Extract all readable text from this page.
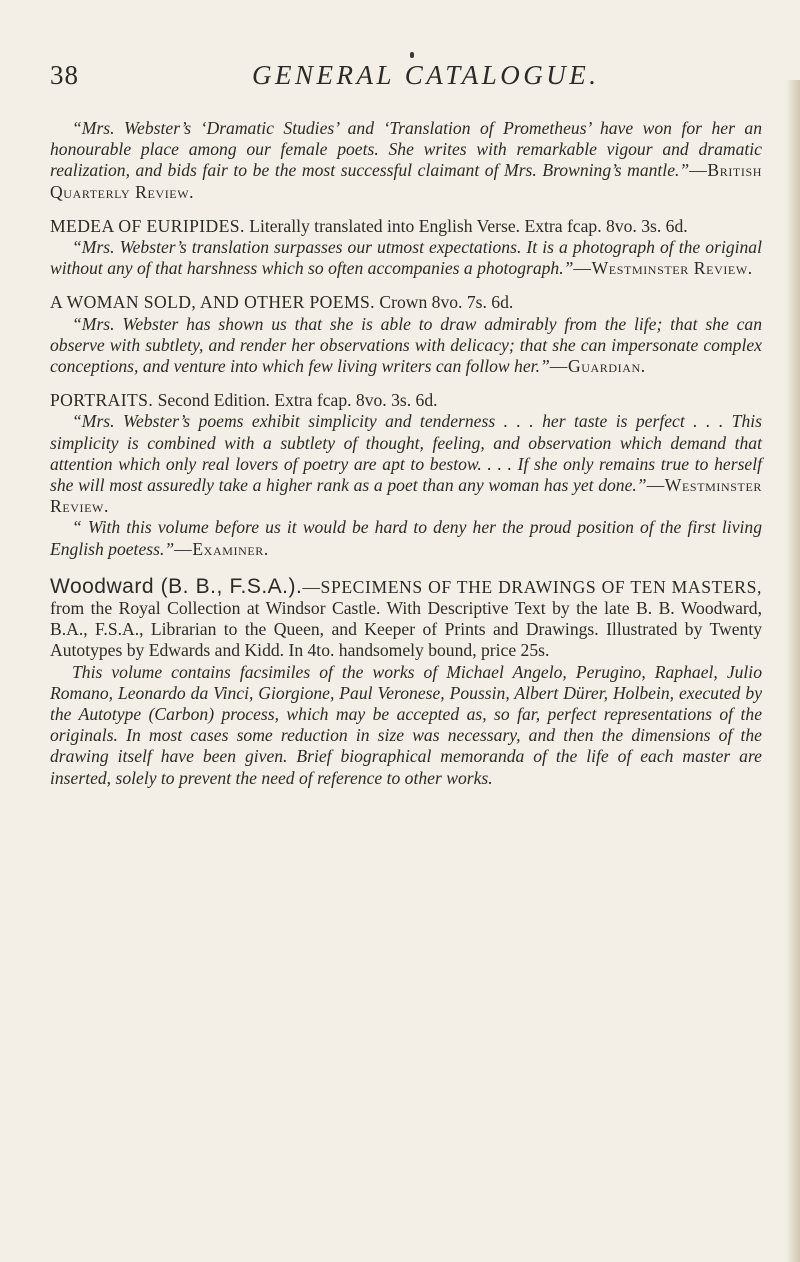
38	GENERAL CATALOGUE.

“Mrs. Webster’s ‘Dramatic Studies’ and ‘Translation of Prometheus’ have won for her an honourable place among our female poets. She writes with remarkable vigour and dramatic realization, and bids fair to be the most successful claimant of Mrs. Browning’s mantle.”—British Quarterly Review.

MEDEA OF EURIPIDES. Literally translated into English Verse. Extra fcap. 8vo. 3s. 6d.

“Mrs. Webster’s translation surpasses our utmost expectations. It is a photograph of the original without any of that harshness which so often accompanies a photograph.”—Westminster Review.

A WOMAN SOLD, AND OTHER POEMS. Crown 8vo. 7s. 6d.

“Mrs. Webster has shown us that she is able to draw admirably from the life; that she can observe with subtlety, and render her observations with delicacy; that she can impersonate complex conceptions, and venture into which few living writers can follow her.”—Guardian.

PORTRAITS. Second Edition. Extra fcap. 8vo. 3s. 6d.

“Mrs. Webster’s poems exhibit simplicity and tenderness . . . her taste is perfect . . . This simplicity is combined with a subtlety of thought, feeling, and observation which demand that attention which only real lovers of poetry are apt to bestow. . . . If she only remains true to herself she will most assuredly take a higher rank as a poet than any woman has yet done.”—Westminster Review.

“ With this volume before us it would be hard to deny her the proud position of the first living English poetess.”—Examiner.

Woodward (B. B., F.S.A.).—SPECIMENS OF THE DRAWINGS OF TEN MASTERS, from the Royal Collection at Windsor Castle. With Descriptive Text by the late B. B. Woodward, B.A., F.S.A., Librarian to the Queen, and Keeper of Prints and Drawings. Illustrated by Twenty Autotypes by Edwards and Kidd. In 4to. handsomely bound, price 25s.

This volume contains facsimiles of the works of Michael Angelo, Perugino, Raphael, Julio Romano, Leonardo da Vinci, Giorgione, Paul Veronese, Poussin, Albert Dürer, Holbein, executed by the Autotype (Carbon) process, which may be accepted as, so far, perfect representations of the originals. In most cases some reduction in size was necessary, and then the dimensions of the drawing itself have been given. Brief biographical memoranda of the life of each master are inserted, solely to prevent the need of reference to other works.
